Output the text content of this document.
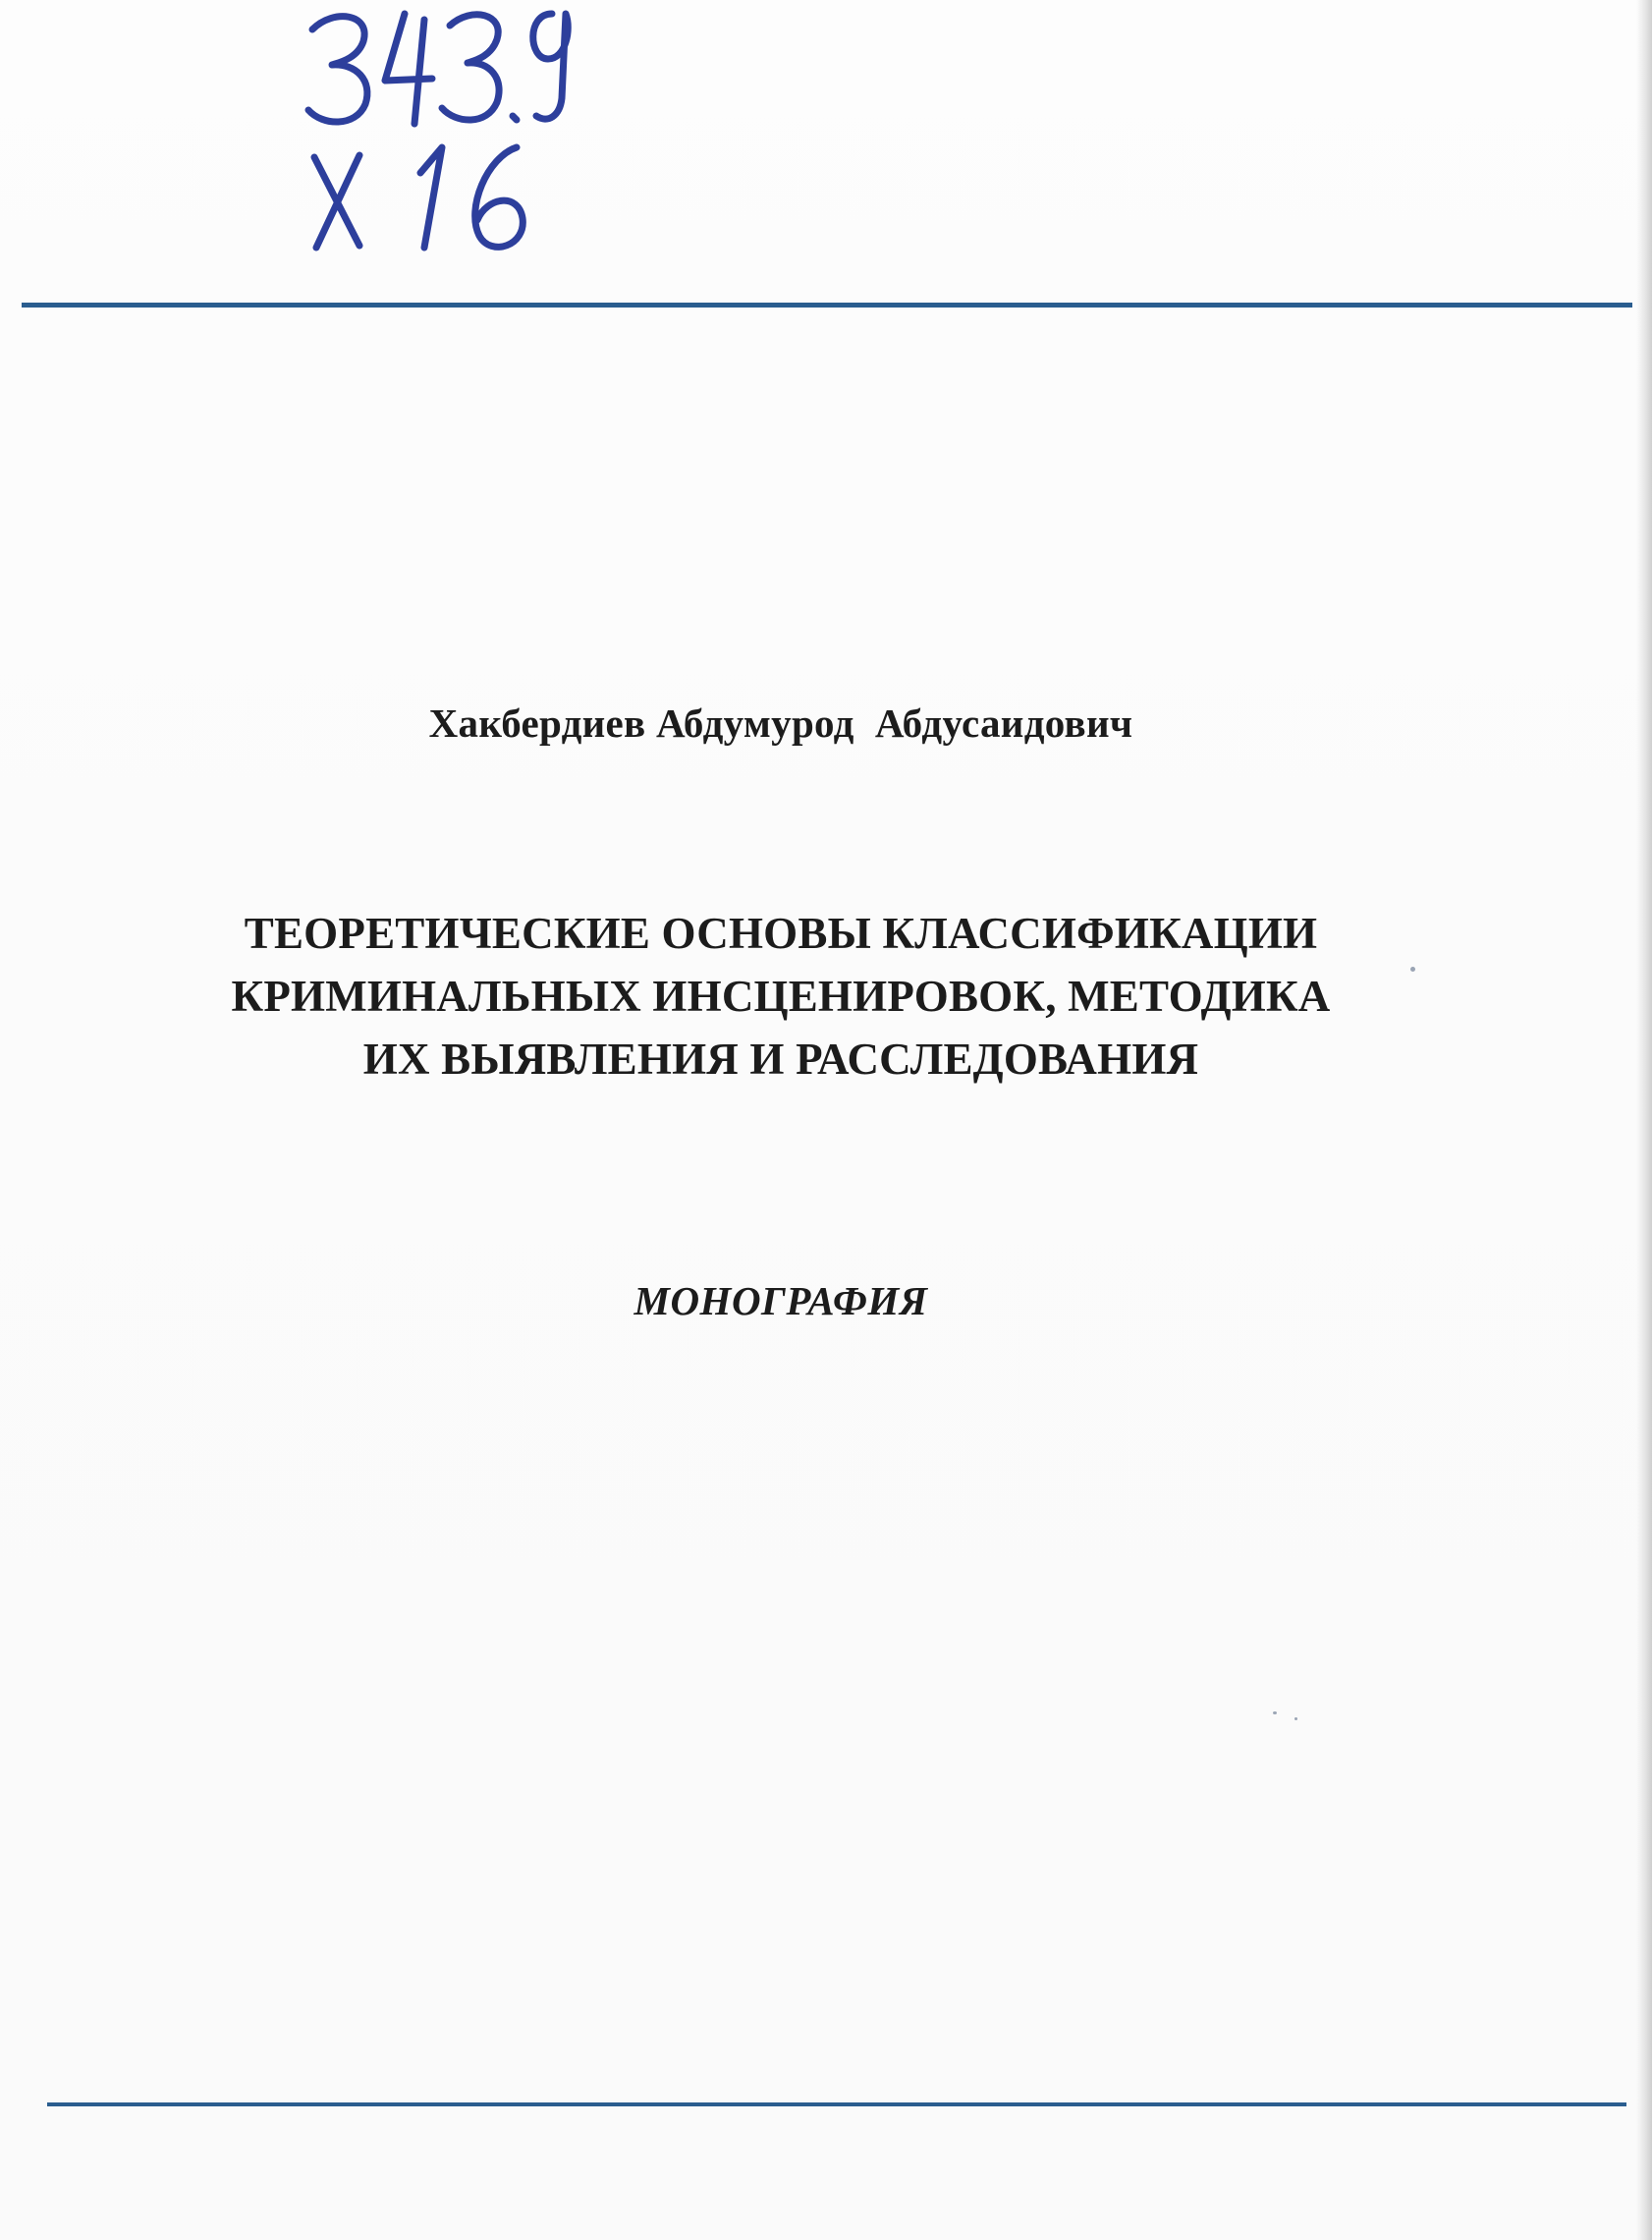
Хакбердиев Абдумурод  Абдусаидович
ТЕОРЕТИЧЕСКИЕ ОСНОВЫ КЛАССИФИКАЦИИ
КРИМИНАЛЬНЫХ ИНСЦЕНИРОВОК, МЕТОДИКА
ИХ ВЫЯВЛЕНИЯ И РАССЛЕДОВАНИЯ
МОНОГРАФИЯ
